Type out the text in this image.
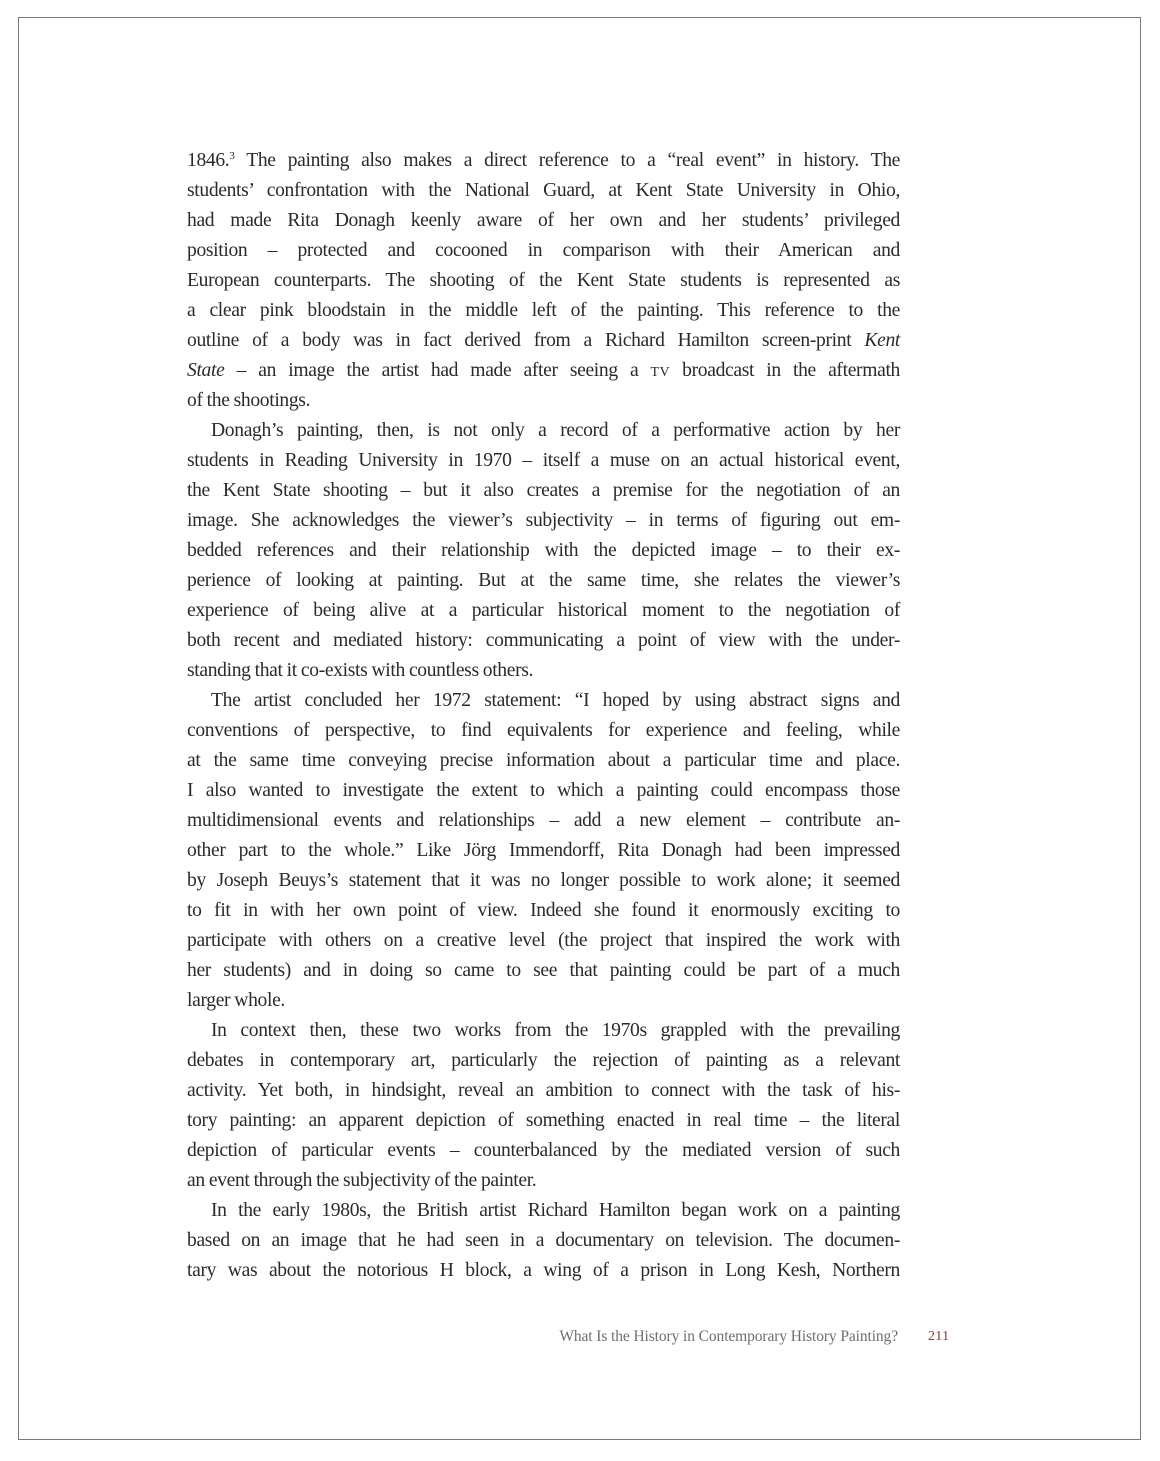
1846.$^3$ The painting also makes a direct reference to a “real event” in history. The
students’ confrontation with the National Guard, at Kent State University in Ohio,
had made Rita Donagh keenly aware of her own and her students’ privileged
position – protected and cocooned in comparison with their American and
European counterparts. The shooting of the Kent State students is represented as
a clear pink bloodstain in the middle left of the painting. This reference to the
outline of a body was in fact derived from a Richard Hamilton screen-print Kent
State – an image the artist had made after seeing a TV broadcast in the aftermath
of the shootings.
Donagh’s painting, then, is not only a record of a performative action by her
students in Reading University in 1970 – itself a muse on an actual historical event,
the Kent State shooting – but it also creates a premise for the negotiation of an
image. She acknowledges the viewer’s subjectivity – in terms of figuring out em-
bedded references and their relationship with the depicted image – to their ex-
perience of looking at painting. But at the same time, she relates the viewer’s
experience of being alive at a particular historical moment to the negotiation of
both recent and mediated history: communicating a point of view with the under-
standing that it co-exists with countless others.
The artist concluded her 1972 statement: “I hoped by using abstract signs and
conventions of perspective, to find equivalents for experience and feeling, while
at the same time conveying precise information about a particular time and place.
I also wanted to investigate the extent to which a painting could encompass those
multidimensional events and relationships – add a new element – contribute an-
other part to the whole.” Like Jörg Immendorff, Rita Donagh had been impressed
by Joseph Beuys’s statement that it was no longer possible to work alone; it seemed
to fit in with her own point of view. Indeed she found it enormously exciting to
participate with others on a creative level (the project that inspired the work with
her students) and in doing so came to see that painting could be part of a much
larger whole.
In context then, these two works from the 1970s grappled with the prevailing
debates in contemporary art, particularly the rejection of painting as a relevant
activity. Yet both, in hindsight, reveal an ambition to connect with the task of his-
tory painting: an apparent depiction of something enacted in real time – the literal
depiction of particular events – counterbalanced by the mediated version of such
an event through the subjectivity of the painter.
In the early 1980s, the British artist Richard Hamilton began work on a painting
based on an image that he had seen in a documentary on television. The documen-
tary was about the notorious H block, a wing of a prison in Long Kesh, Northern
What Is the History in Contemporary History Painting? 211
